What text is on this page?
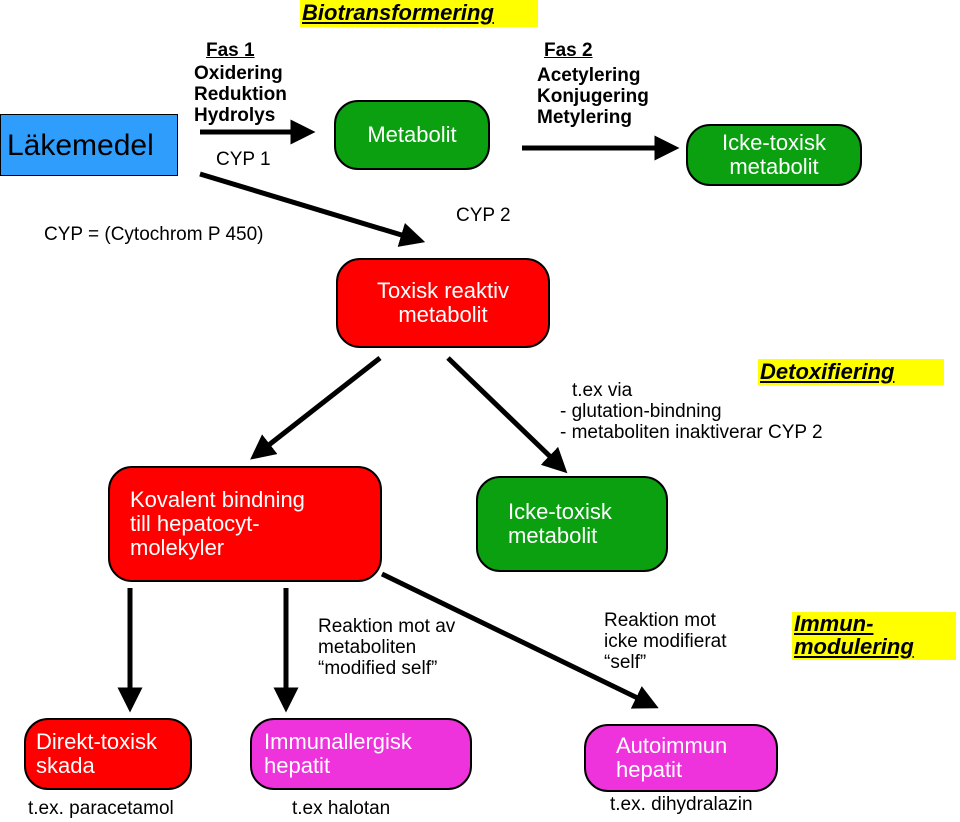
Biotransformering
Detoxifiering
Immun-
modulering
Fas 1
Oxidering
Reduktion
Hydrolys
CYP 1
Fas 2
Acetylering
Konjugering
Metylering
CYP = (Cytochrom P 450)
CYP 2
Läkemedel	Metabolit	Icke-toxisk
metabolit
Toxisk reaktiv
metabolit
Kovalent bindning
till hepatocyt-
molekyler
Icke-toxisk
metabolit
Direkt-toxisk
skada
Immunallergisk
hepatit
Autoimmun
hepatit
t.ex via
- glutation-bindning
- metaboliten inaktiverar CYP 2
Reaktion mot av
metaboliten
“modified self”
Reaktion mot
icke modifierat
“self”
t.ex. paracetamol	t.ex halotan	t.ex. dihydralazin
